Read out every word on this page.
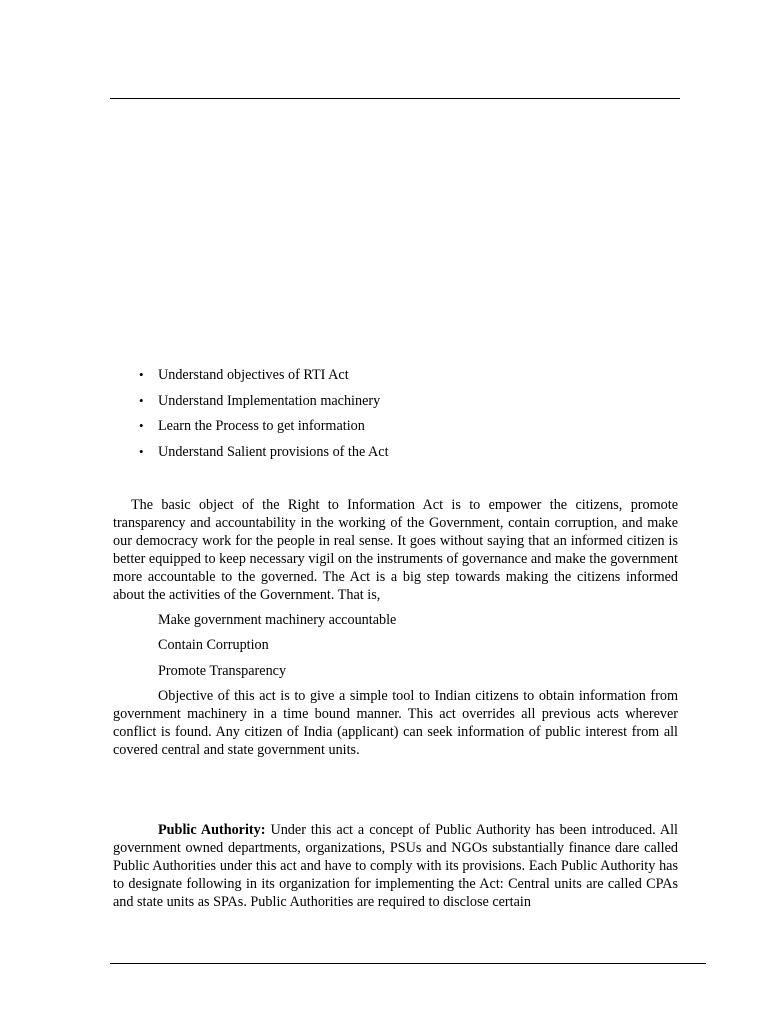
• Understand objectives of RTI Act
• Understand Implementation machinery
• Learn the Process to get information
• Understand Salient provisions of the Act

The basic object of the Right to Information Act is to empower the citizens, promote transparency and accountability in the working of the Government, contain corruption, and make our democracy work for the people in real sense. It goes without saying that an informed citizen is better equipped to keep necessary vigil on the instruments of governance and make the government more accountable to the governed. The Act is a big step towards making the citizens informed about the activities of the Government. That is,

Make government machinery accountable
Contain Corruption
Promote Transparency

Objective of this act is to give a simple tool to Indian citizens to obtain information from government machinery in a time bound manner. This act overrides all previous acts wherever conflict is found. Any citizen of India (applicant) can seek information of public interest from all covered central and state government units.

Public Authority: Under this act a concept of Public Authority has been introduced. All government owned departments, organizations, PSUs and NGOs substantially finance dare called Public Authorities under this act and have to comply with its provisions. Each Public Authority has to designate following in its organization for implementing the Act: Central units are called CPAs and state units as SPAs. Public Authorities are required to disclose certain
